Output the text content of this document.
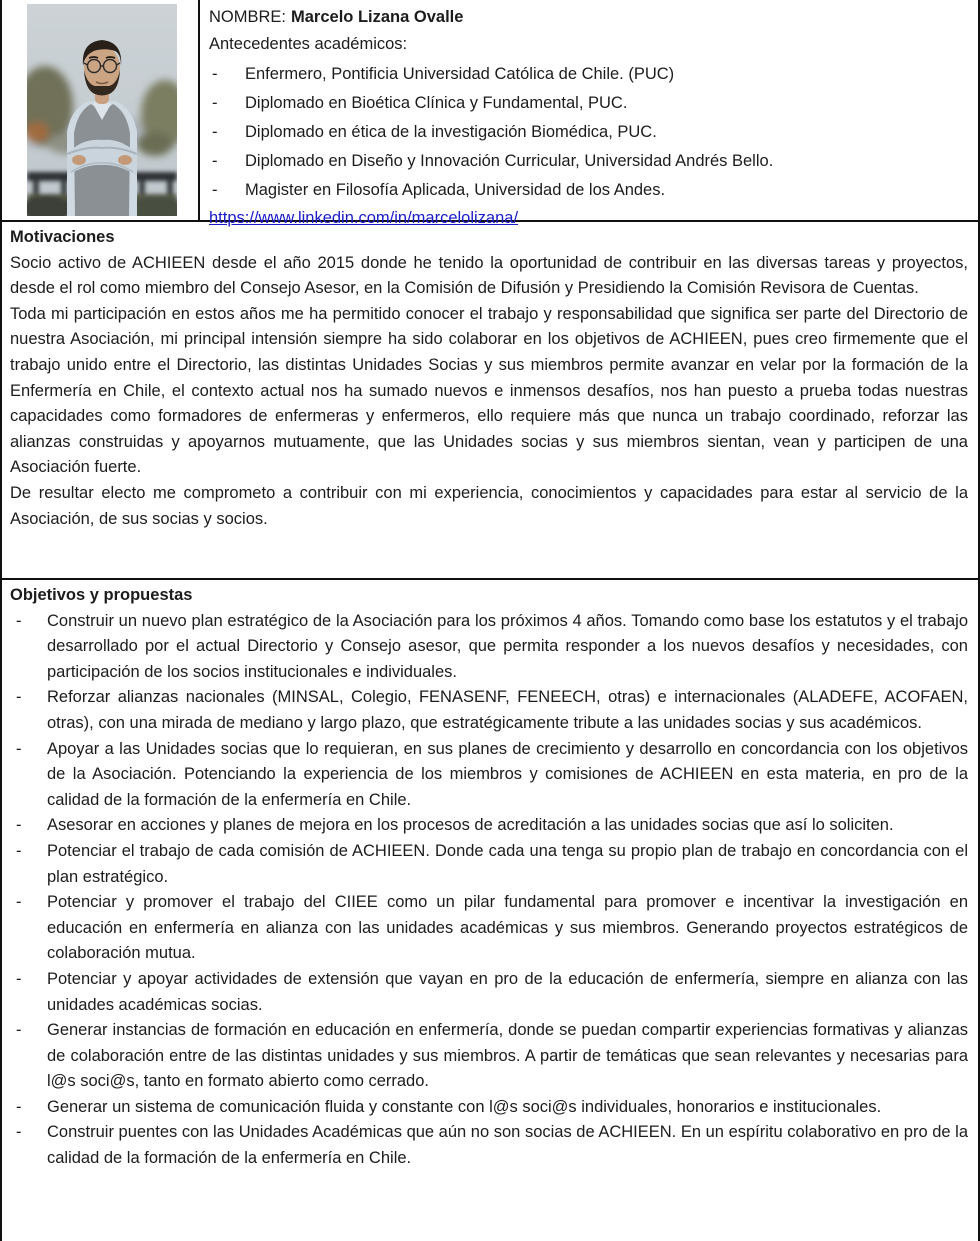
NOMBRE: Marcelo Lizana Ovalle

Antecedentes académicos:

- Enfermero, Pontificia Universidad Católica de Chile. (PUC)
- Diplomado en Bioética Clínica y Fundamental, PUC.
- Diplomado en ética de la investigación Biomédica, PUC.
- Diplomado en Diseño y Innovación Curricular, Universidad Andrés Bello.
- Magister en Filosofía Aplicada, Universidad de los Andes.
https://www.linkedin.com/in/marcelolizana/
Motivaciones

Socio activo de ACHIEEN desde el año 2015 donde he tenido la oportunidad de contribuir en las diversas tareas y proyectos, desde el rol como miembro del Consejo Asesor, en la Comisión de Difusión y Presidiendo la Comisión Revisora de Cuentas.

Toda mi participación en estos años me ha permitido conocer el trabajo y responsabilidad que significa ser parte del Directorio de nuestra Asociación, mi principal intensión siempre ha sido colaborar en los objetivos de ACHIEEN, pues creo firmemente que el trabajo unido entre el Directorio, las distintas Unidades Socias y sus miembros permite avanzar en velar por la formación de la Enfermería en Chile, el contexto actual nos ha sumado nuevos e inmensos desafíos, nos han puesto a prueba todas nuestras capacidades como formadores de enfermeras y enfermeros, ello requiere más que nunca un trabajo coordinado, reforzar las alianzas construidas y apoyarnos mutuamente, que las Unidades socias y sus miembros sientan, vean y participen de una Asociación fuerte.

De resultar electo me comprometo a contribuir con mi experiencia, conocimientos y capacidades para estar al servicio de la Asociación, de sus socias y socios.

Objetivos y propuestas
- Construir un nuevo plan estratégico de la Asociación para los próximos 4 años. Tomando como base los estatutos y el trabajo desarrollado por el actual Directorio y Consejo asesor, que permita responder a los nuevos desafíos y necesidades, con participación de los socios institucionales e individuales.
- Reforzar alianzas nacionales (MINSAL, Colegio, FENASENF, FENEECH, otras) e internacionales (ALADEFE, ACOFAEN, otras), con una mirada de mediano y largo plazo, que estratégicamente tribute a las unidades socias y sus académicos.
- Apoyar a las Unidades socias que lo requieran, en sus planes de crecimiento y desarrollo en concordancia con los objetivos de la Asociación. Potenciando la experiencia de los miembros y comisiones de ACHIEEN en esta materia, en pro de la calidad de la formación de la enfermería en Chile.
- Asesorar en acciones y planes de mejora en los procesos de acreditación a las unidades socias que así lo soliciten.
- Potenciar el trabajo de cada comisión de ACHIEEN. Donde cada una tenga su propio plan de trabajo en concordancia con el plan estratégico.
- Potenciar y promover el trabajo del CIIEE como un pilar fundamental para promover e incentivar la investigación en educación en enfermería en alianza con las unidades académicas y sus miembros. Generando proyectos estratégicos de colaboración mutua.
- Potenciar y apoyar actividades de extensión que vayan en pro de la educación de enfermería, siempre en alianza con las unidades académicas socias.
- Generar instancias de formación en educación en enfermería, donde se puedan compartir experiencias formativas y alianzas de colaboración entre de las distintas unidades y sus miembros. A partir de temáticas que sean relevantes y necesarias para l@s soci@s, tanto en formato abierto como cerrado.
- Generar un sistema de comunicación fluida y constante con l@s soci@s individuales, honorarios e institucionales.
- Construir puentes con las Unidades Académicas que aún no son socias de ACHIEEN. En un espíritu colaborativo en pro de la calidad de la formación de la enfermería en Chile.
